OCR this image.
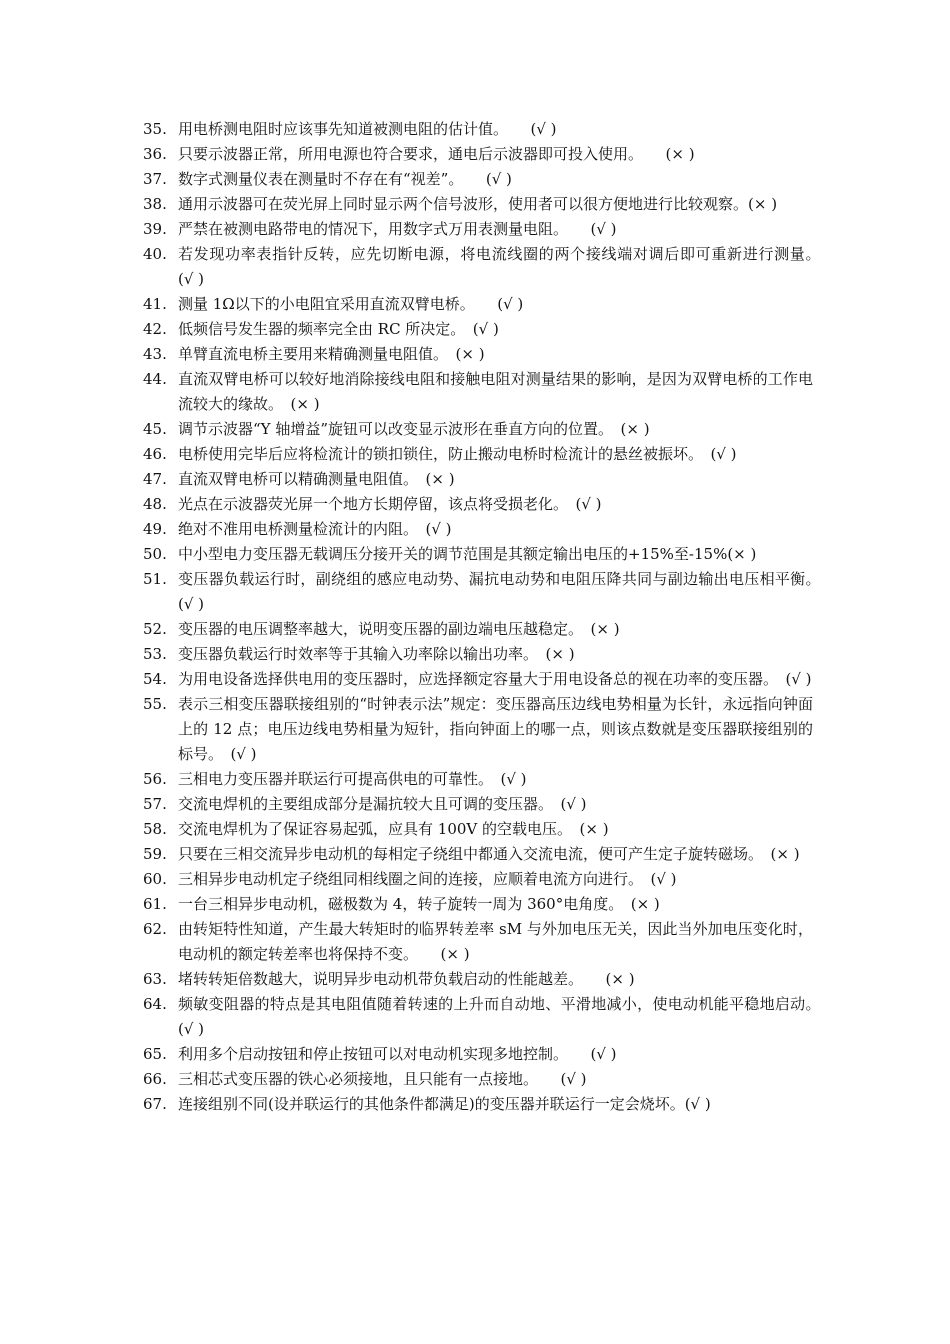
35. 用电桥测电阻时应该事先知道被测电阻的估计值。　　(√ )
36. 只要示波器正常，所用电源也符合要求，通电后示波器即可投入使用。　　(× )
37. 数字式测量仪表在测量时不存在有“视差”。　　(√ )
38. 通用示波器可在荧光屏上同时显示两个信号波形，使用者可以很方便地进行比较观察。(× )
39. 严禁在被测电路带电的情况下，用数字式万用表测量电阻。　　(√ )
40. 若发现功率表指针反转，应先切断电源，将电流线圈的两个接线端对调后即可重新进行测量。　(√ )
41. 测量 1Ω以下的小电阻宜采用直流双臂电桥。　　(√ )
42. 低频信号发生器的频率完全由 RC 所决定。　(√ )
43. 单臂直流电桥主要用来精确测量电阻值。　(× )
44. 直流双臂电桥可以较好地消除接线电阻和接触电阻对测量结果的影响，是因为双臂电桥的工作电流较大的缘故。　(× )
45. 调节示波器“Y 轴增益”旋钮可以改变显示波形在垂直方向的位置。　(× )
46. 电桥使用完毕后应将检流计的锁扣锁住，防止搬动电桥时检流计的悬丝被振坏。　(√ )
47. 直流双臂电桥可以精确测量电阻值。　(× )
48. 光点在示波器荧光屏一个地方长期停留，该点将受损老化。　(√ )
49. 绝对不准用电桥测量检流计的内阻。　(√ )
50. 中小型电力变压器无载调压分接开关的调节范围是其额定输出电压的+15%至-15%(× )
51. 变压器负载运行时，副绕组的感应电动势、漏抗电动势和电阻压降共同与副边输出电压相平衡。　(√ )
52. 变压器的电压调整率越大，说明变压器的副边端电压越稳定。　(× )
53. 变压器负载运行时效率等于其输入功率除以输出功率。　(× )
54. 为用电设备选择供电用的变压器时，应选择额定容量大于用电设备总的视在功率的变压器。　(√ )
55. 表示三相变压器联接组别的“时钟表示法”规定：变压器高压边线电势相量为长针，永远指向钟面上的 12 点；电压边线电势相量为短针，指向钟面上的哪一点，则该点数就是变压器联接组别的标号。　(√ )
56. 三相电力变压器并联运行可提高供电的可靠性。　(√ )
57. 交流电焊机的主要组成部分是漏抗较大且可调的变压器。　(√ )
58. 交流电焊机为了保证容易起弧，应具有 100V 的空载电压。　(× )
59. 只要在三相交流异步电动机的每相定子绕组中都通入交流电流，便可产生定子旋转磁场。　(× )
60. 三相异步电动机定子绕组同相线圈之间的连接，应顺着电流方向进行。　(√ )
61. 一台三相异步电动机，磁极数为 4，转子旋转一周为 360°电角度。　(× )
62. 由转矩特性知道，产生最大转矩时的临界转差率 sM 与外加电压无关，因此当外加电压变化时，电动机的额定转差率也将保持不变。　　(× )
63. 堵转转矩倍数越大，说明异步电动机带负载启动的性能越差。　　(× )
64. 频敏变阻器的特点是其电阻值随着转速的上升而自动地、平滑地减小，使电动机能平稳地启动。　(√ )
65. 利用多个启动按钮和停止按钮可以对电动机实现多地控制。　　(√ )
66. 三相芯式变压器的铁心必须接地，且只能有一点接地。　　(√ )
67. 连接组别不同(设并联运行的其他条件都满足)的变压器并联运行一定会烧坏。(√ )
